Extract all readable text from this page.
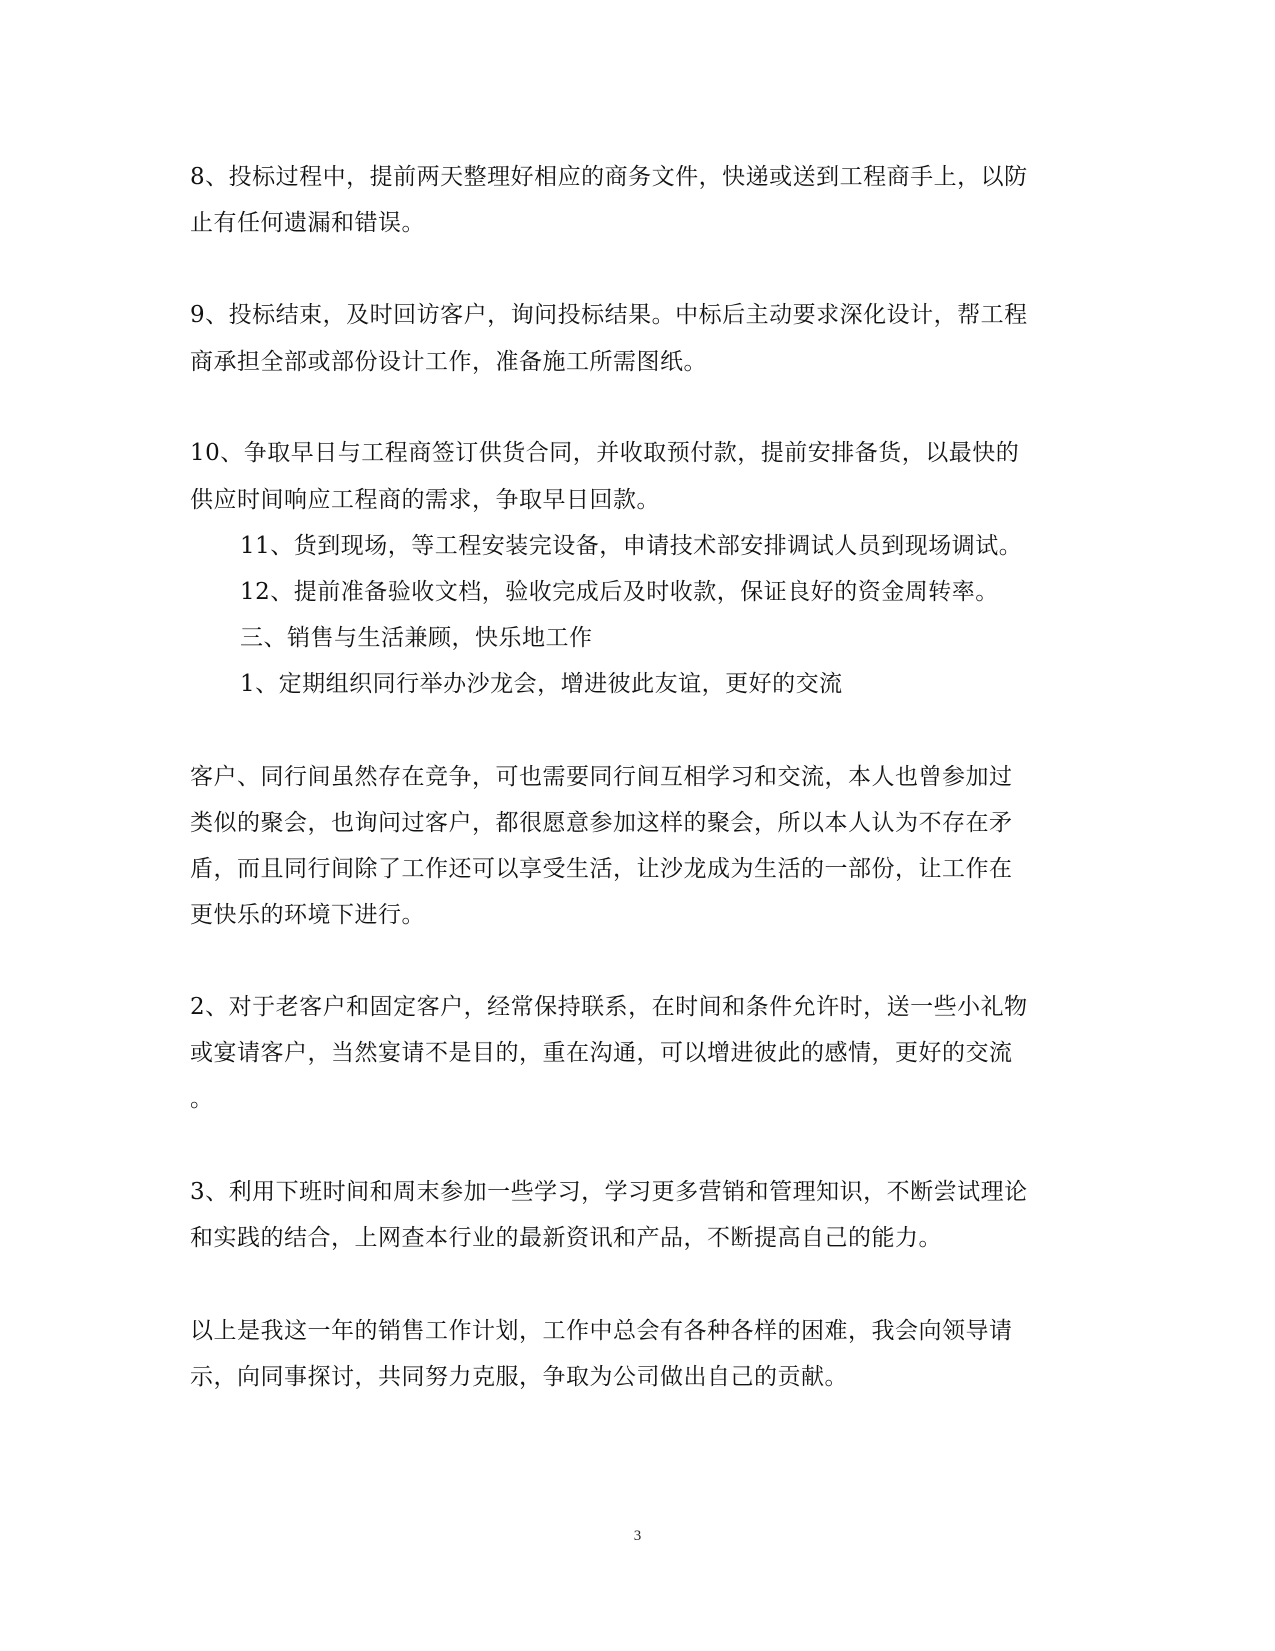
8、投标过程中，提前两天整理好相应的商务文件，快递或送到工程商手上，以防
止有任何遗漏和错误。
9、投标结束，及时回访客户，询问投标结果。中标后主动要求深化设计，帮工程
商承担全部或部份设计工作，准备施工所需图纸。
10、争取早日与工程商签订供货合同，并收取预付款，提前安排备货，以最快的
供应时间响应工程商的需求，争取早日回款。
11、货到现场，等工程安装完设备，申请技术部安排调试人员到现场调试。
12、提前准备验收文档，验收完成后及时收款，保证良好的资金周转率。
三、销售与生活兼顾，快乐地工作
1、定期组织同行举办沙龙会，增进彼此友谊，更好的交流
客户、同行间虽然存在竞争，可也需要同行间互相学习和交流，本人也曾参加过
类似的聚会，也询问过客户，都很愿意参加这样的聚会，所以本人认为不存在矛
盾，而且同行间除了工作还可以享受生活，让沙龙成为生活的一部份，让工作在
更快乐的环境下进行。
2、对于老客户和固定客户，经常保持联系，在时间和条件允许时，送一些小礼物
或宴请客户，当然宴请不是目的，重在沟通，可以增进彼此的感情，更好的交流
。
3、利用下班时间和周末参加一些学习，学习更多营销和管理知识，不断尝试理论
和实践的结合，上网查本行业的最新资讯和产品，不断提高自己的能力。
以上是我这一年的销售工作计划，工作中总会有各种各样的困难，我会向领导请
示，向同事探讨，共同努力克服，争取为公司做出自己的贡献。
3
